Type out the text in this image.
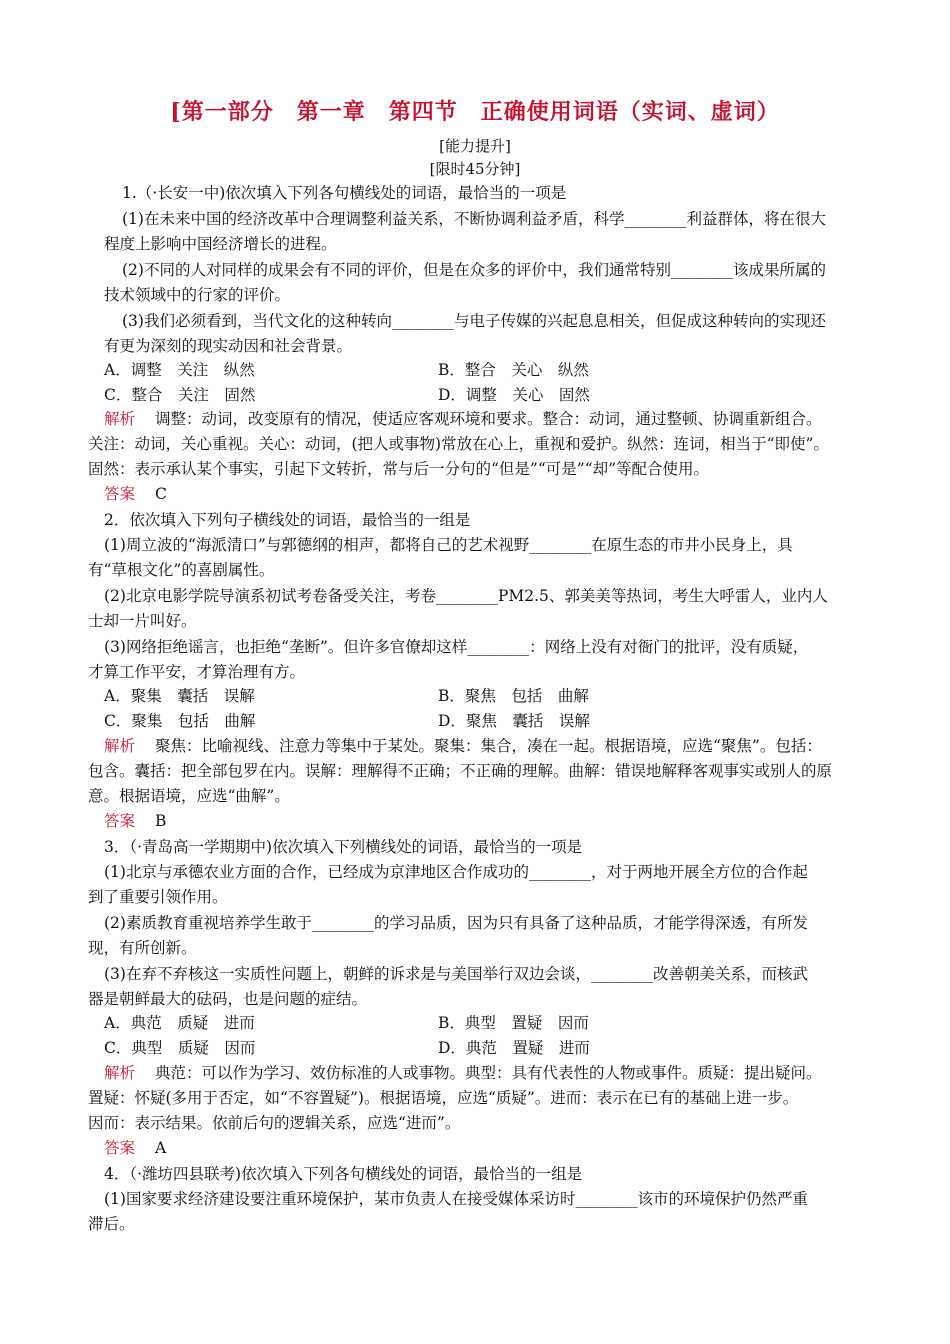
[第一部分　第一章　第四节　正确使用词语（实词、虚词）
[能力提升]
[限时45分钟]
1.（·长安一中)依次填入下列各句横线处的词语，最恰当的一项是
(1)在未来中国的经济改革中合理调整利益关系，不断协调利益矛盾，科学________利益群体，将在很大
程度上影响中国经济增长的进程。
(2)不同的人对同样的成果会有不同的评价，但是在众多的评价中，我们通常特别________该成果所属的
技术领域中的行家的评价。
(3)我们必须看到，当代文化的这种转向________与电子传媒的兴起息息相关，但促成这种转向的实现还
有更为深刻的现实动因和社会背景。
A．调整　关注　纵然	B．整合　关心　纵然
C．整合　关注　固然	D．调整　关心　固然
解析 调整：动词，改变原有的情况，使适应客观环境和要求。整合：动词，通过整顿、协调重新组合。
关注：动词，关心重视。关心：动词，(把人或事物)常放在心上，重视和爱护。纵然：连词，相当于“即使”。
固然：表示承认某个事实，引起下文转折，常与后一分句的“但是”“可是”“却”等配合使用。
答案 C
2．依次填入下列句子横线处的词语，最恰当的一组是
(1)周立波的“海派清口”与郭德纲的相声，都将自己的艺术视野________在原生态的市井小民身上，具
有“草根文化”的喜剧属性。
(2)北京电影学院导演系初试考卷备受关注，考卷________PM2.5、郭美美等热词，考生大呼雷人，业内人
士却一片叫好。
(3)网络拒绝谣言，也拒绝“垄断”。但许多官僚却这样________：网络上没有对衙门的批评，没有质疑，
才算工作平安，才算治理有方。
A．聚集　囊括　误解	B．聚焦　包括　曲解
C．聚集　包括　曲解	D．聚焦　囊括　误解
解析 聚焦：比喻视线、注意力等集中于某处。聚集：集合，凑在一起。根据语境，应选“聚焦”。包括：
包含。囊括：把全部包罗在内。误解：理解得不正确；不正确的理解。曲解：错误地解释客观事实或别人的原
意。根据语境，应选“曲解”。
答案 B
3．（·青岛高一学期期中)依次填入下列横线处的词语，最恰当的一项是
(1)北京与承德农业方面的合作，已经成为京津地区合作成功的________，对于两地开展全方位的合作起
到了重要引领作用。
(2)素质教育重视培养学生敢于________的学习品质，因为只有具备了这种品质，才能学得深透，有所发
现，有所创新。
(3)在弃不弃核这一实质性问题上，朝鲜的诉求是与美国举行双边会谈，________改善朝美关系，而核武
器是朝鲜最大的砝码，也是问题的症结。
A．典范　质疑　进而	B．典型　置疑　因而
C．典型　质疑　因而	D．典范　置疑　进而
解析 典范：可以作为学习、效仿标准的人或事物。典型：具有代表性的人物或事件。质疑：提出疑问。
置疑：怀疑(多用于否定，如“不容置疑”)。根据语境，应选“质疑”。进而：表示在已有的基础上进一步。
因而：表示结果。依前后句的逻辑关系，应选“进而”。
答案 A
4．（·潍坊四县联考)依次填入下列各句横线处的词语，最恰当的一组是
(1)国家要求经济建设要注重环境保护，某市负责人在接受媒体采访时________该市的环境保护仍然严重
滞后。
